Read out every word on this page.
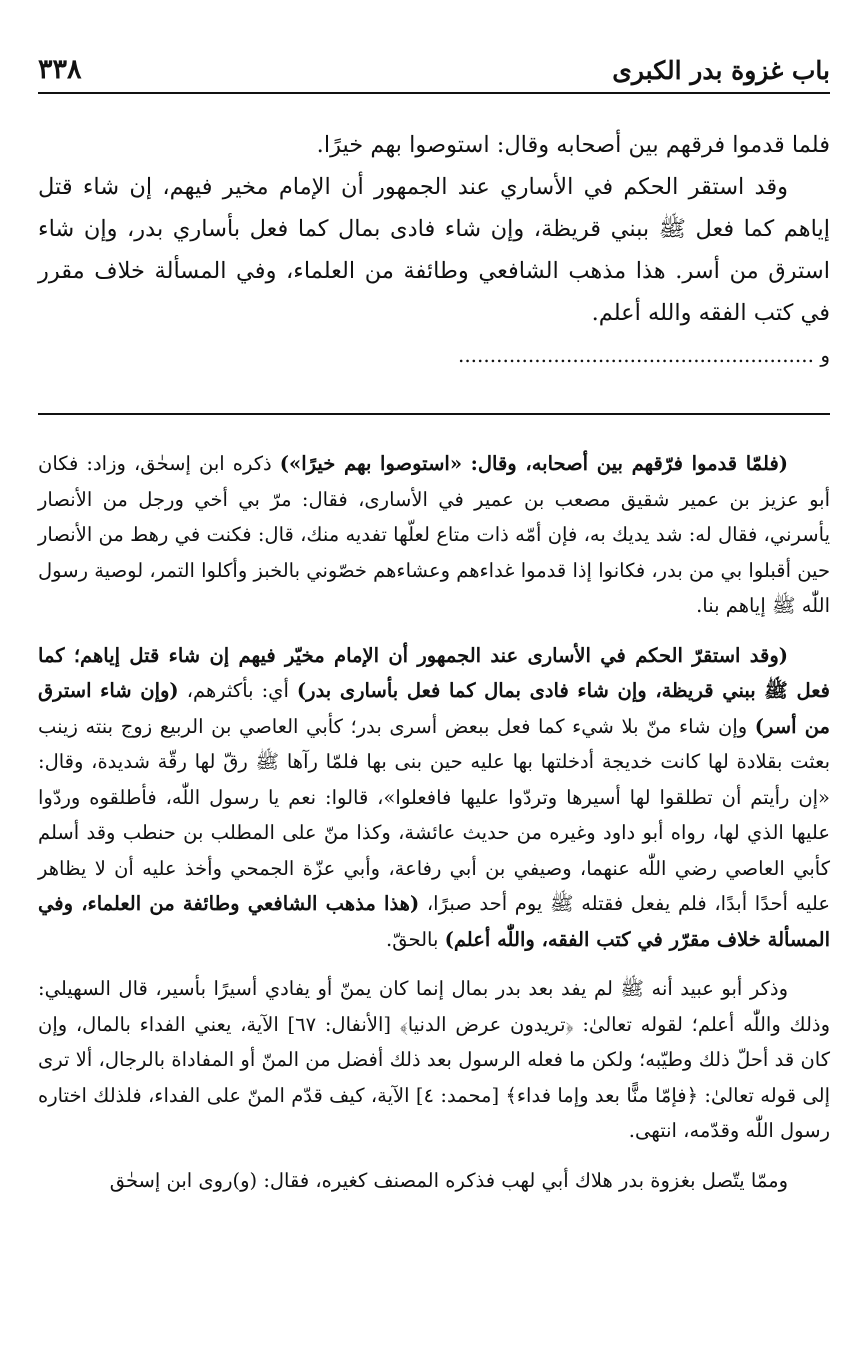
باب غزوة بدر الكبرى
٣٣٨

فلما قدموا فرقهم بين أصحابه وقال: استوصوا بهم خيرًا.

وقد استقر الحكم في الأساري عند الجمهور أن الإمام مخير فيهم، إن شاء قتل إياهم كما فعل ﷺ ببني قريظة، وإن شاء فادى بمال كما فعل بأساري بدر، وإن شاء استرق من أسر. هذا مذهب الشافعي وطائفة من العلماء، وفي المسألة خلاف مقرر في كتب الفقه والله أعلم.

و ........................................................

(فلمّا قدموا فرّقهم بين أصحابه، وقال: «استوصوا بهم خيرًا») ذكره ابن إسحٰق، وزاد: فكان أبو عزيز بن عمير شقيق مصعب بن عمير في الأسارى، فقال: مرّ بي أخي ورجل من الأنصار يأسرني، فقال له: شد يديك به، فإن أمّه ذات متاع لعلّها تفديه منك، قال: فكنت في رهط من الأنصار حين أقبلوا بي من بدر، فكانوا إذا قدموا غداءهم وعشاءهم خصّوني بالخبز وأكلوا التمر، لوصية رسول اللّٰه ﷺ إياهم بنا.

(وقد استقرّ الحكم في الأسارى عند الجمهور أن الإمام مخيّر فيهم إن شاء قتل إياهم؛ كما فعل ﷺ ببني قريظة، وإن شاء فادى بمال كما فعل بأسارى بدر) أي: بأكثرهم، (وإن شاء استرق من أسر) وإن شاء منّ بلا شيء كما فعل ببعض أسرى بدر؛ كأبي العاصي بن الربيع زوج بنته زينب بعثت بقلادة لها كانت خديجة أدخلتها بها عليه حين بنى بها فلمّا رآها ﷺ رقّ لها رقّة شديدة، وقال: «إن رأيتم أن تطلقوا لها أسيرها وتردّوا عليها فافعلوا»، قالوا: نعم يا رسول اللّٰه، فأطلقوه وردّوا عليها الذي لها، رواه أبو داود وغيره من حديث عائشة، وكذا منّ على المطلب بن حنطب وقد أسلم كأبي العاصي رضي اللّٰه عنهما، وصيفي بن أبي رفاعة، وأبي عزّة الجمحي وأخذ عليه أن لا يظاهر عليه أحدًا أبدًا، فلم يفعل فقتله ﷺ يوم أحد صبرًا، (هذا مذهب الشافعي وطائفة من العلماء، وفي المسألة خلاف مقرّر في كتب الفقه، واللّٰه أعلم) بالحقّ.

وذكر أبو عبيد أنه ﷺ لم يفد بعد بدر بمال إنما كان يمنّ أو يفادي أسيرًا بأسير، قال السهيلي: وذلك واللّٰه أعلم؛ لقوله تعالىٰ: ﴿تريدون عرض الدنيا﴾ [الأنفال: ٦٧] الآية، يعني الفداء بالمال، وإن كان قد أحلّ ذلك وطيّبه؛ ولكن ما فعله الرسول بعد ذلك أفضل من المنّ أو المفاداة بالرجال، ألا ترى إلى قوله تعالىٰ: ﴿فإمّا منًّا بعد وإما فداء﴾ [محمد: ٤] الآية، كيف قدّم المنّ على الفداء، فلذلك اختاره رسول اللّٰه وقدّمه، انتهى.

وممّا يتّصل بغزوة بدر هلاك أبي لهب فذكره المصنف كغيره، فقال: (و)روى ابن إسحٰق
